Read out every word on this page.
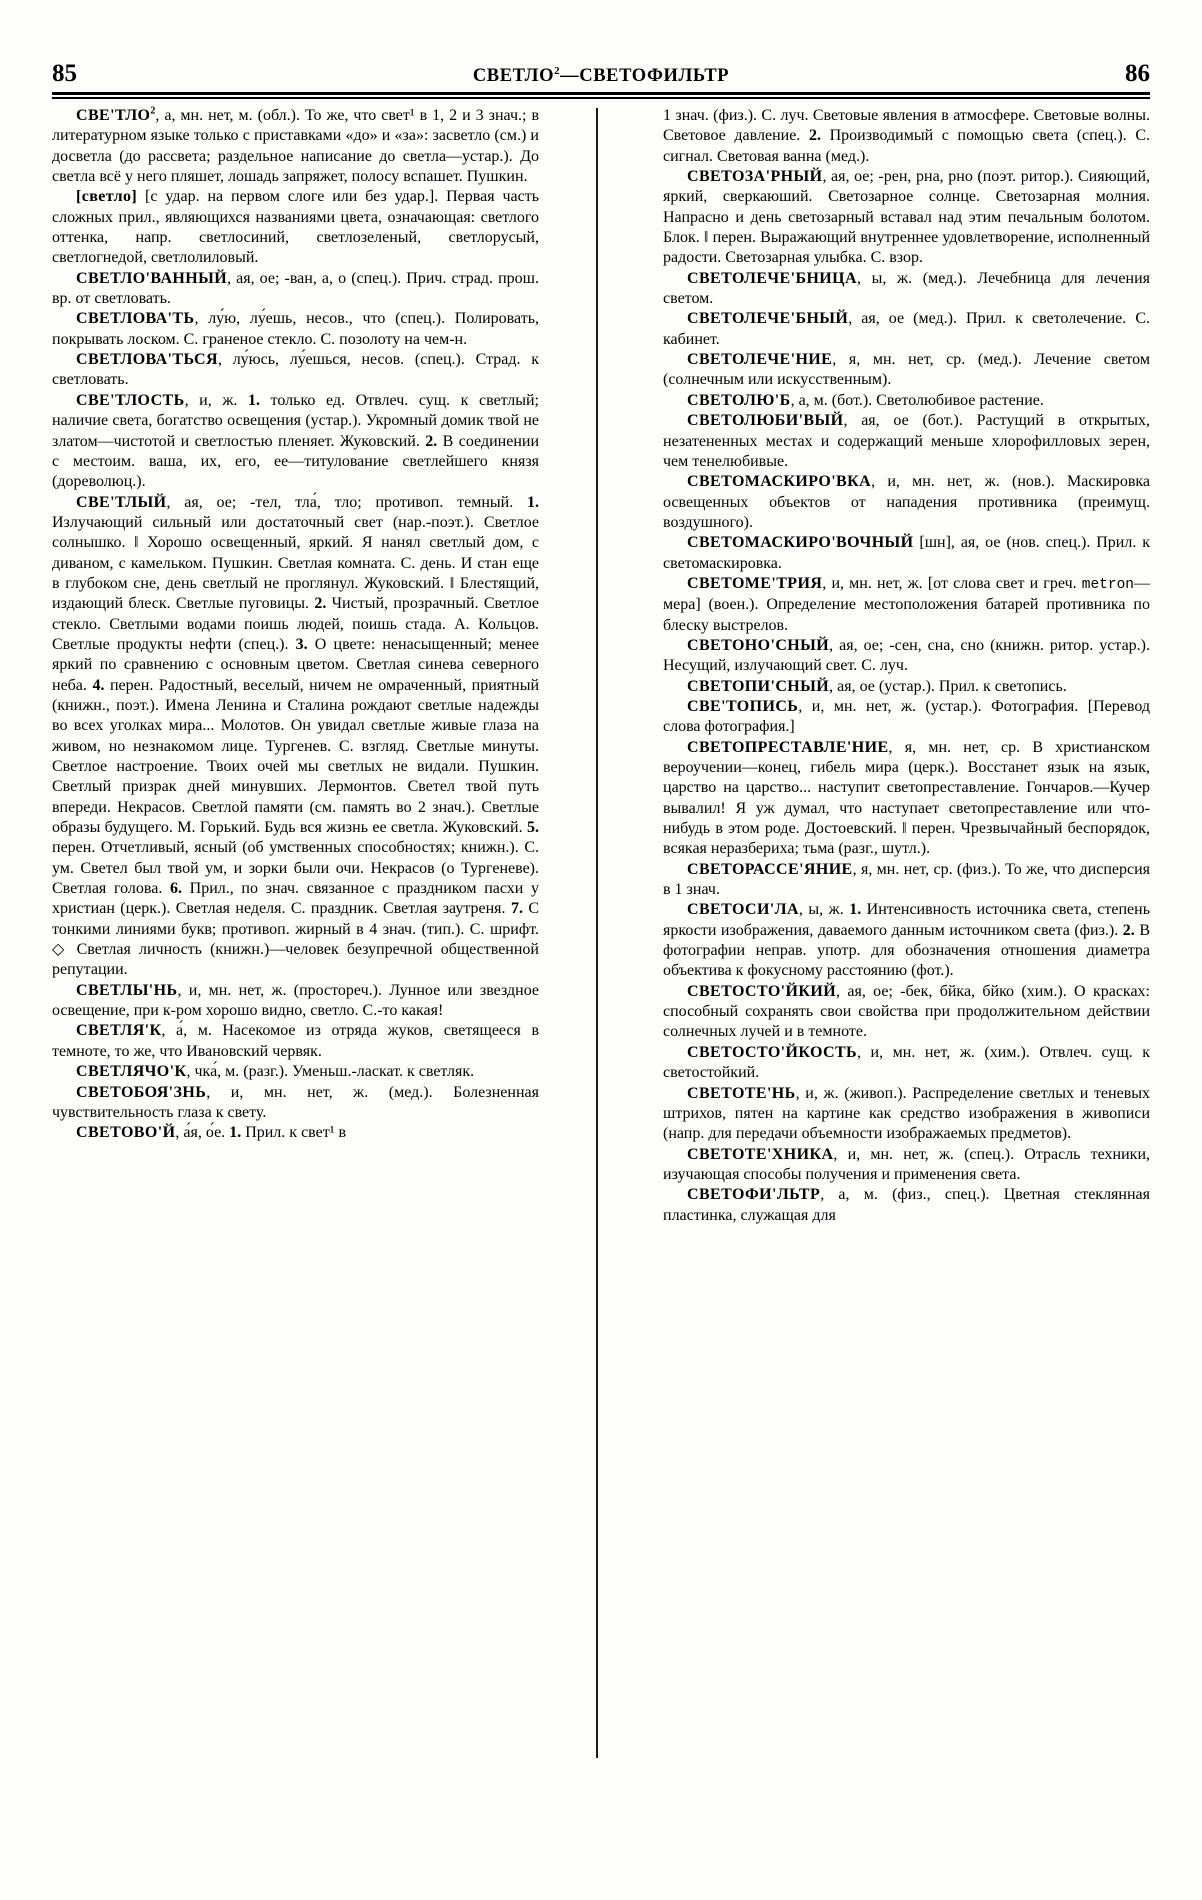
85	СВЕТЛО$^2$—СВЕТОФИЛЬТР	86

СВЕ'ТЛО$^2$, а, мн. нет, м. (обл.). То же, что свет¹ в 1, 2 и 3 знач.; в литературном языке только с приставками «до» и «за»: засветло (см.) и досветла (до рассвета; раздельное написание до светла—устар.). До светла всё у него пляшет, лошадь запряжет, полосу вспашет. Пушкин.

[светло] [с удар. на первом слоге или без удар.]. Первая часть сложных прил., являющихся названиями цвета, означающая: светлого оттенка, напр. светлосиний, светлозеленый, светлорусый, светлогнедой, светлолиловый.

СВЕТЛО'ВАННЫЙ, ая, ое; -ван, а, о (спец.). Прич. страд. прош. вр. от светловать.

СВЕТЛОВА'ТЬ, лу́ю, лу́ешь, несов., что (спец.). Полировать, покрывать лоском. С. граненое стекло. С. позолоту на чем-н.

СВЕТЛОВА'ТЬСЯ, лу́юсь, лу́ешься, несов. (спец.). Страд. к светловать.

СВЕ'ТЛОСТЬ, и, ж. 1. только ед. Отвлеч. сущ. к светлый; наличие света, богатство освещения (устар.). Укромный домик твой не златом—чистотой и светлостью пленяет. Жуковский. 2. В соединении с местоим. ваша, их, его, ее—титулование светлейшего князя (дореволюц.).

СВЕ'ТЛЫЙ, ая, ое; -тел, тла́, тло; противоп. темный. 1. Излучающий сильный или достаточный свет (нар.-поэт.). Светлое солнышко. ‖ Хорошо освещенный, яркий. Я нанял светлый дом, с диваном, с камельком. Пушкин. Светлая комната. С. день. И стан еще в глубоком сне, день светлый не проглянул. Жуковский. ‖ Блестящий, издающий блеск. Светлые пуговицы. 2. Чистый, прозрачный. Светлое стекло. Светлыми водами поишь людей, поишь стада. А. Кольцов. Светлые продукты нефти (спец.). 3. О цвете: ненасыщенный; менее яркий по сравнению с основным цветом. Светлая синева северного неба. 4. перен. Радостный, веселый, ничем не омраченный, приятный (книжн., поэт.). Имена Ленина и Сталина рождают светлые надежды во всех уголках мира... Молотов. Он увидал светлые живые глаза на живом, но незнакомом лице. Тургенев. С. взгляд. Светлые минуты. Светлое настроение. Твоих очей мы светлых не видали. Пушкин. Светлый призрак дней минувших. Лермонтов. Светел твой путь впереди. Некрасов. Светлой памяти (см. память во 2 знач.). Светлые образы будущего. М. Горький. Будь вся жизнь ее светла. Жуковский. 5. перен. Отчетливый, ясный (об умственных способностях; книжн.). С. ум. Светел был твой ум, и зорки были очи. Некрасов (о Тургеневе). Светлая голова. 6. Прил., по знач. связанное с праздником пасхи у христиан (церк.). Светлая неделя. С. праздник. Светлая заутреня. 7. С тонкими линиями букв; противоп. жирный в 4 знач. (тип.). С. шрифт. ◇ Светлая личность (книжн.)—человек безупречной общественной репутации.

СВЕТЛЫ'НЬ, и, мн. нет, ж. (простореч.). Лунное или звездное освещение, при к-ром хорошо видно, светло. С.-то какая!

СВЕТЛЯ'К, а́, м. Насекомое из отряда жуков, светящееся в темноте, то же, что Ивановский червяк.

СВЕТЛЯЧО'К, чка́, м. (разг.). Уменьш.-ласкат. к светляк.

СВЕТОБОЯ'ЗНЬ, и, мн. нет, ж. (мед.). Болезненная чувствительность глаза к свету.

СВЕТОВО'Й, а́я, о́е. 1. Прил. к свет¹ в

1 знач. (физ.). С. луч. Световые явления в атмосфере. Световые волны. Световое давление. 2. Производимый с помощью света (спец.). С. сигнал. Световая ванна (мед.).

СВЕТОЗА'РНЫЙ, ая, ое; -рен, рна, рно (поэт. ритор.). Сияющий, яркий, сверкаюший. Светозарное солнце. Светозарная молния. Напрасно и день светозарный вставал над этим печальным болотом. Блок. ‖ перен. Выражающий внутреннее удовлетворение, исполненный радости. Светозарная улыбка. С. взор.

СВЕТОЛЕЧЕ'БНИЦА, ы, ж. (мед.). Лечебница для лечения светом.

СВЕТОЛЕЧЕ'БНЫЙ, ая, ое (мед.). Прил. к светолечение. С. кабинет.

СВЕТОЛЕЧЕ'НИЕ, я, мн. нет, ср. (мед.). Лечение светом (солнечным или искусственным).

СВЕТОЛЮ'Б, а, м. (бот.). Светолюбивое растение.

СВЕТОЛЮБИ'ВЫЙ, ая, ое (бот.). Растущий в открытых, незатененных местах и содержащий меньше хлорофилловых зерен, чем тенелюбивые.

СВЕТОМАСКИРО'ВКА, и, мн. нет, ж. (нов.). Маскировка освещенных объектов от нападения противника (преимущ. воздушного).

СВЕТОМАСКИРО'ВОЧНЫЙ [шн], ая, ое (нов. спец.). Прил. к светомаскировка.

СВЕТОМЕ'ТРИЯ, и, мн. нет, ж. [от слова свет и греч. metron—мера] (воен.). Определение местоположения батарей противника по блеску выстрелов.

СВЕТОНО'СНЫЙ, ая, ое; -сен, сна, сно (книжн. ритор. устар.). Несущий, излучающий свет. С. луч.

СВЕТОПИ'СНЫЙ, ая, ое (устар.). Прил. к светопись.

СВЕ'ТОПИСЬ, и, мн. нет, ж. (устар.). Фотография. [Перевод слова фотография.]

СВЕТОПРЕСТАВЛЕ'НИЕ, я, мн. нет, ср. В христианском вероучении—конец, гибель мира (церк.). Восстанет язык на язык, царство на царство... наступит светопреставление. Гончаров.—Кучер вывалил! Я уж думал, что наступает светопреставление или что-нибудь в этом роде. Достоевский. ‖ перен. Чрезвычайный беспорядок, всякая неразбериха; тьма (разг., шутл.).

СВЕТОРАССЕ'ЯНИЕ, я, мн. нет, ср. (физ.). То же, что дисперсия в 1 знач.

СВЕТОСИ'ЛА, ы, ж. 1. Интенсивность источника света, степень яркости изображения, даваемого данным источником света (физ.). 2. В фотографии неправ. употр. для обозначения отношения диаметра объектива к фокусному расстоянию (фот.).

СВЕТОСТО'ЙКИЙ, ая, ое; -бек, бйка, бйко (хим.). О красках: способный сохранять свои свойства при продолжительном действии солнечных лучей и в темноте.

СВЕТОСТО'ЙКОСТЬ, и, мн. нет, ж. (хим.). Отвлеч. сущ. к светостойкий.

СВЕТОТЕ'НЬ, и, ж. (живоп.). Распределение светлых и теневых штрихов, пятен на картине как средство изображения в живописи (напр. для передачи объемности изображаемых предметов).

СВЕТОТЕ'ХНИКА, и, мн. нет, ж. (спец.). Отрасль техники, изучающая способы получения и применения света.

СВЕТОФИ'ЛЬТР, а, м. (физ., спец.). Цветная стеклянная пластинка, служащая для
